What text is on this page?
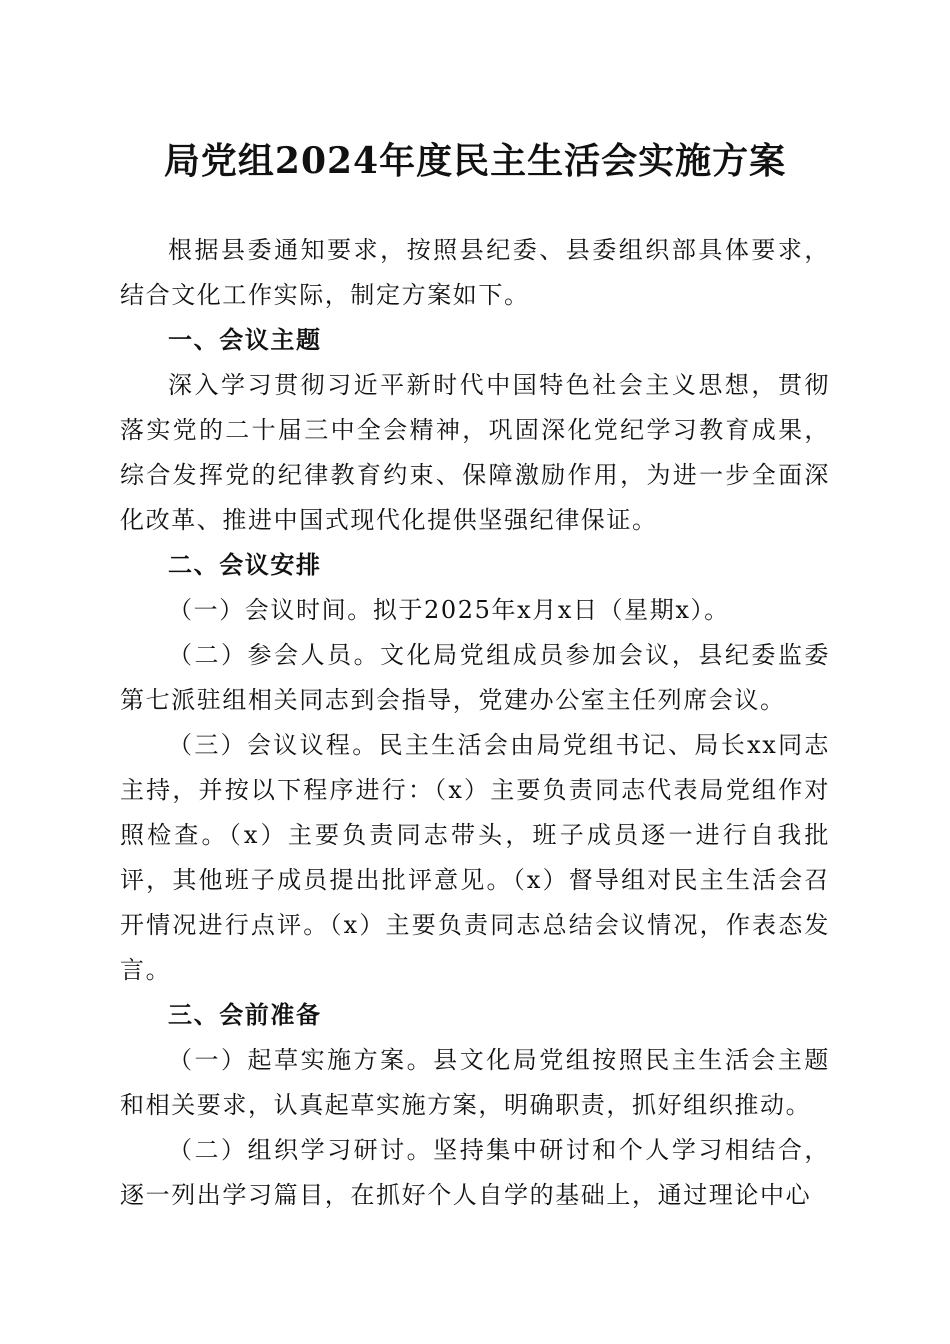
局党组2024年度民主生活会实施方案

根据县委通知要求，按照县纪委、县委组织部具体要求，结合文化工作实际，制定方案如下。

一、会议主题

深入学习贯彻习近平新时代中国特色社会主义思想，贯彻落实党的二十届三中全会精神，巩固深化党纪学习教育成果，综合发挥党的纪律教育约束、保障激励作用，为进一步全面深化改革、推进中国式现代化提供坚强纪律保证。

二、会议安排

（一）会议时间。拟于2025年x月x日（星期x）。

（二）参会人员。文化局党组成员参加会议，县纪委监委第七派驻组相关同志到会指导，党建办公室主任列席会议。

（三）会议议程。民主生活会由局党组书记、局长xx同志主持，并按以下程序进行：（x）主要负责同志代表局党组作对照检查。（x）主要负责同志带头，班子成员逐一进行自我批评，其他班子成员提出批评意见。（x）督导组对民主生活会召开情况进行点评。（x）主要负责同志总结会议情况，作表态发言。

三、会前准备

（一）起草实施方案。县文化局党组按照民主生活会主题和相关要求，认真起草实施方案，明确职责，抓好组织推动。

（二）组织学习研讨。坚持集中研讨和个人学习相结合，逐一列出学习篇目，在抓好个人自学的基础上，通过理论中心
